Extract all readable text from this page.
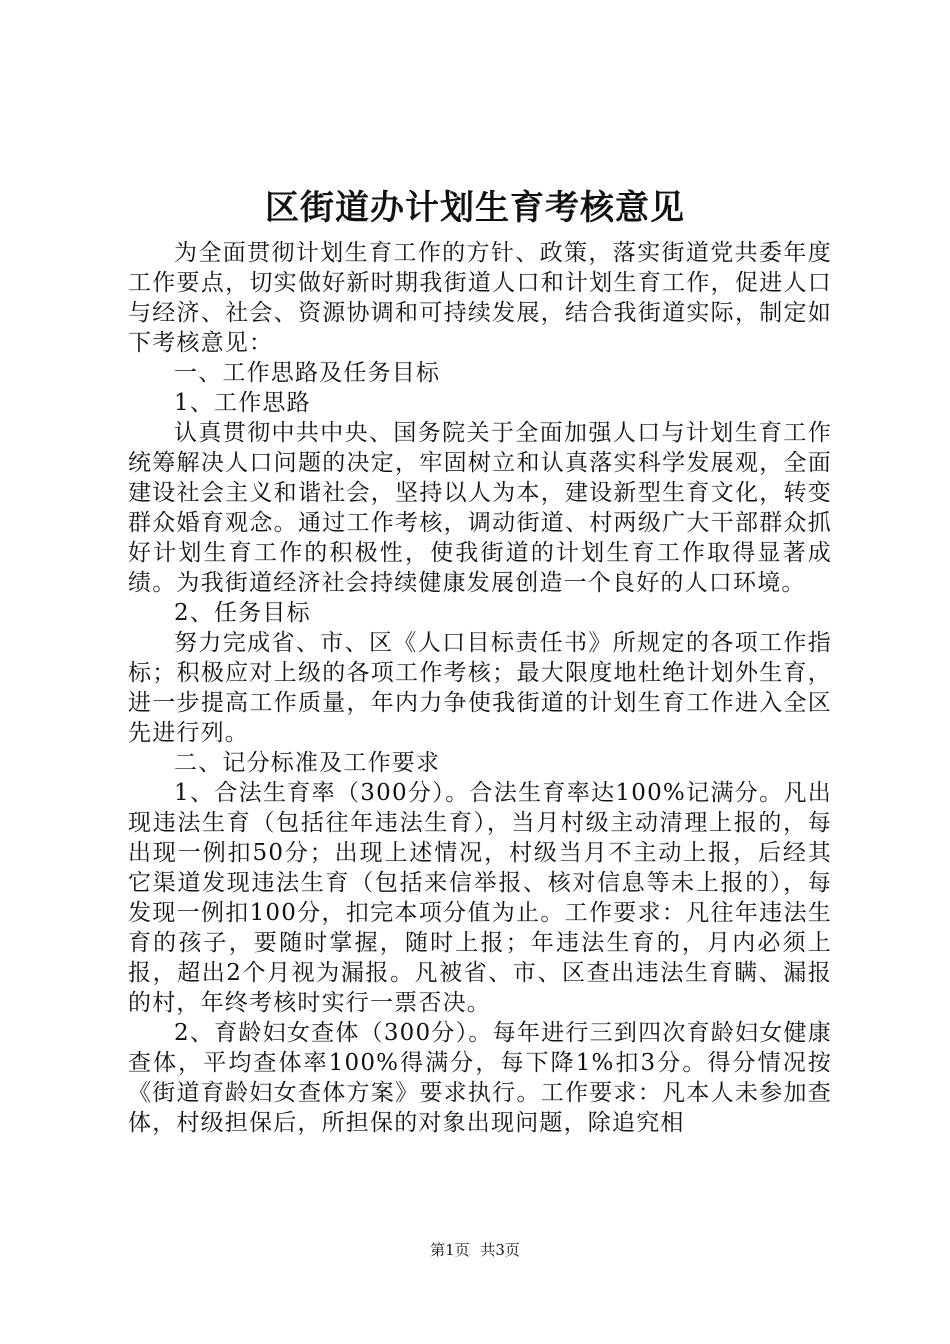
区街道办计划生育考核意见

为全面贯彻计划生育工作的方针、政策，落实街道党共委年度工作要点，切实做好新时期我街道人口和计划生育工作，促进人口与经济、社会、资源协调和可持续发展，结合我街道实际，制定如下考核意见：

一、工作思路及任务目标

1、工作思路

认真贯彻中共中央、国务院关于全面加强人口与计划生育工作统筹解决人口问题的决定，牢固树立和认真落实科学发展观，全面建设社会主义和谐社会，坚持以人为本，建设新型生育文化，转变群众婚育观念。通过工作考核，调动街道、村两级广大干部群众抓好计划生育工作的积极性，使我街道的计划生育工作取得显著成绩。为我街道经济社会持续健康发展创造一个良好的人口环境。

2、任务目标

努力完成省、市、区《人口目标责任书》所规定的各项工作指标；积极应对上级的各项工作考核；最大限度地杜绝计划外生育，进一步提高工作质量，年内力争使我街道的计划生育工作进入全区先进行列。

二、记分标准及工作要求

1、合法生育率（300分）。合法生育率达100%记满分。凡出现违法生育（包括往年违法生育），当月村级主动清理上报的，每出现一例扣50分；出现上述情况，村级当月不主动上报，后经其它渠道发现违法生育（包括来信举报、核对信息等未上报的），每发现一例扣100分，扣完本项分值为止。工作要求：凡往年违法生育的孩子，要随时掌握，随时上报；年违法生育的，月内必须上报，超出2个月视为漏报。凡被省、市、区查出违法生育瞒、漏报的村，年终考核时实行一票否决。

2、育龄妇女查体（300分）。每年进行三到四次育龄妇女健康查体，平均查体率100%得满分，每下降1%扣3分。得分情况按《街道育龄妇女查体方案》要求执行。工作要求：凡本人未参加查体，村级担保后，所担保的对象出现问题，除追究相

第1页 共3页
